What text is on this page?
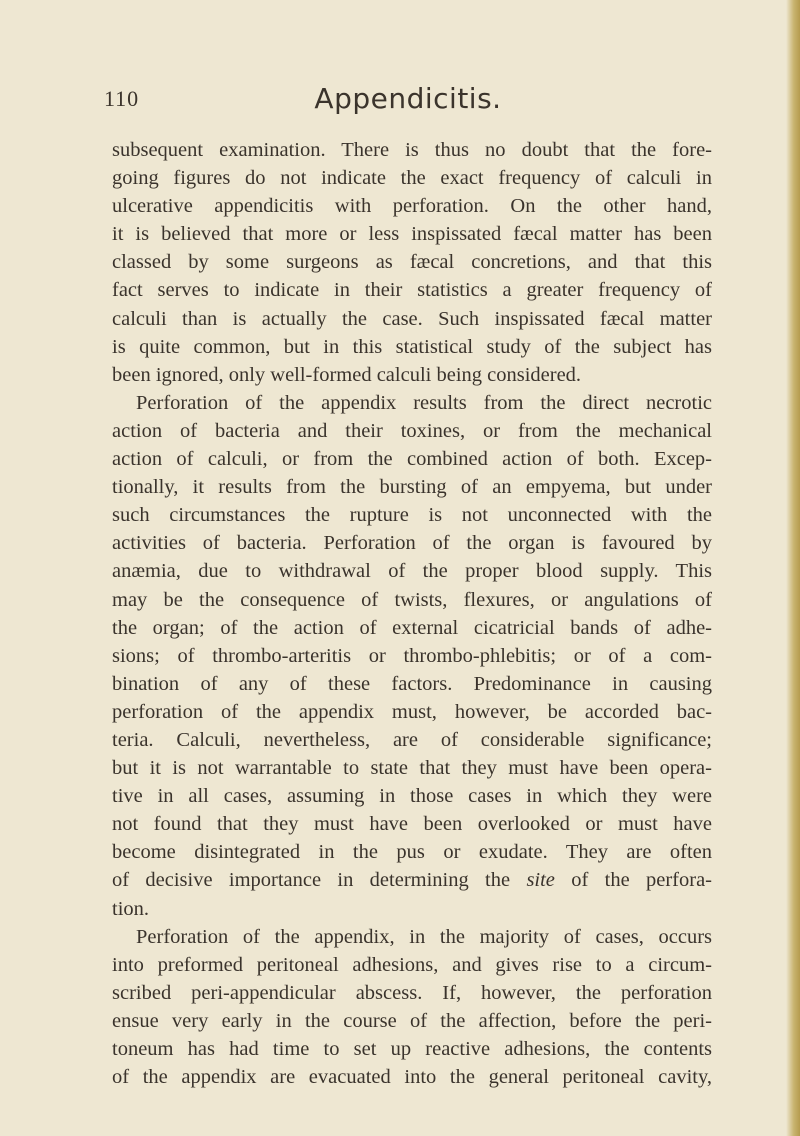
110	Appendicitis.
subsequent examination. There is thus no doubt that the fore-
going figures do not indicate the exact frequency of calculi in
ulcerative appendicitis with perforation. On the other hand,
it is believed that more or less inspissated fæcal matter has been
classed by some surgeons as fæcal concretions, and that this
fact serves to indicate in their statistics a greater frequency of
calculi than is actually the case. Such inspissated fæcal matter
is quite common, but in this statistical study of the subject has
been ignored, only well-formed calculi being considered.
Perforation of the appendix results from the direct necrotic
action of bacteria and their toxines, or from the mechanical
action of calculi, or from the combined action of both. Excep-
tionally, it results from the bursting of an empyema, but under
such circumstances the rupture is not unconnected with the
activities of bacteria. Perforation of the organ is favoured by
anæmia, due to withdrawal of the proper blood supply. This
may be the consequence of twists, flexures, or angulations of
the organ; of the action of external cicatricial bands of adhe-
sions; of thrombo-arteritis or thrombo-phlebitis; or of a com-
bination of any of these factors. Predominance in causing
perforation of the appendix must, however, be accorded bac-
teria. Calculi, nevertheless, are of considerable significance;
but it is not warrantable to state that they must have been opera-
tive in all cases, assuming in those cases in which they were
not found that they must have been overlooked or must have
become disintegrated in the pus or exudate. They are often
of decisive importance in determining the site of the perfora-
tion.
Perforation of the appendix, in the majority of cases, occurs
into preformed peritoneal adhesions, and gives rise to a circum-
scribed peri-appendicular abscess. If, however, the perforation
ensue very early in the course of the affection, before the peri-
toneum has had time to set up reactive adhesions, the contents
of the appendix are evacuated into the general peritoneal cavity,
